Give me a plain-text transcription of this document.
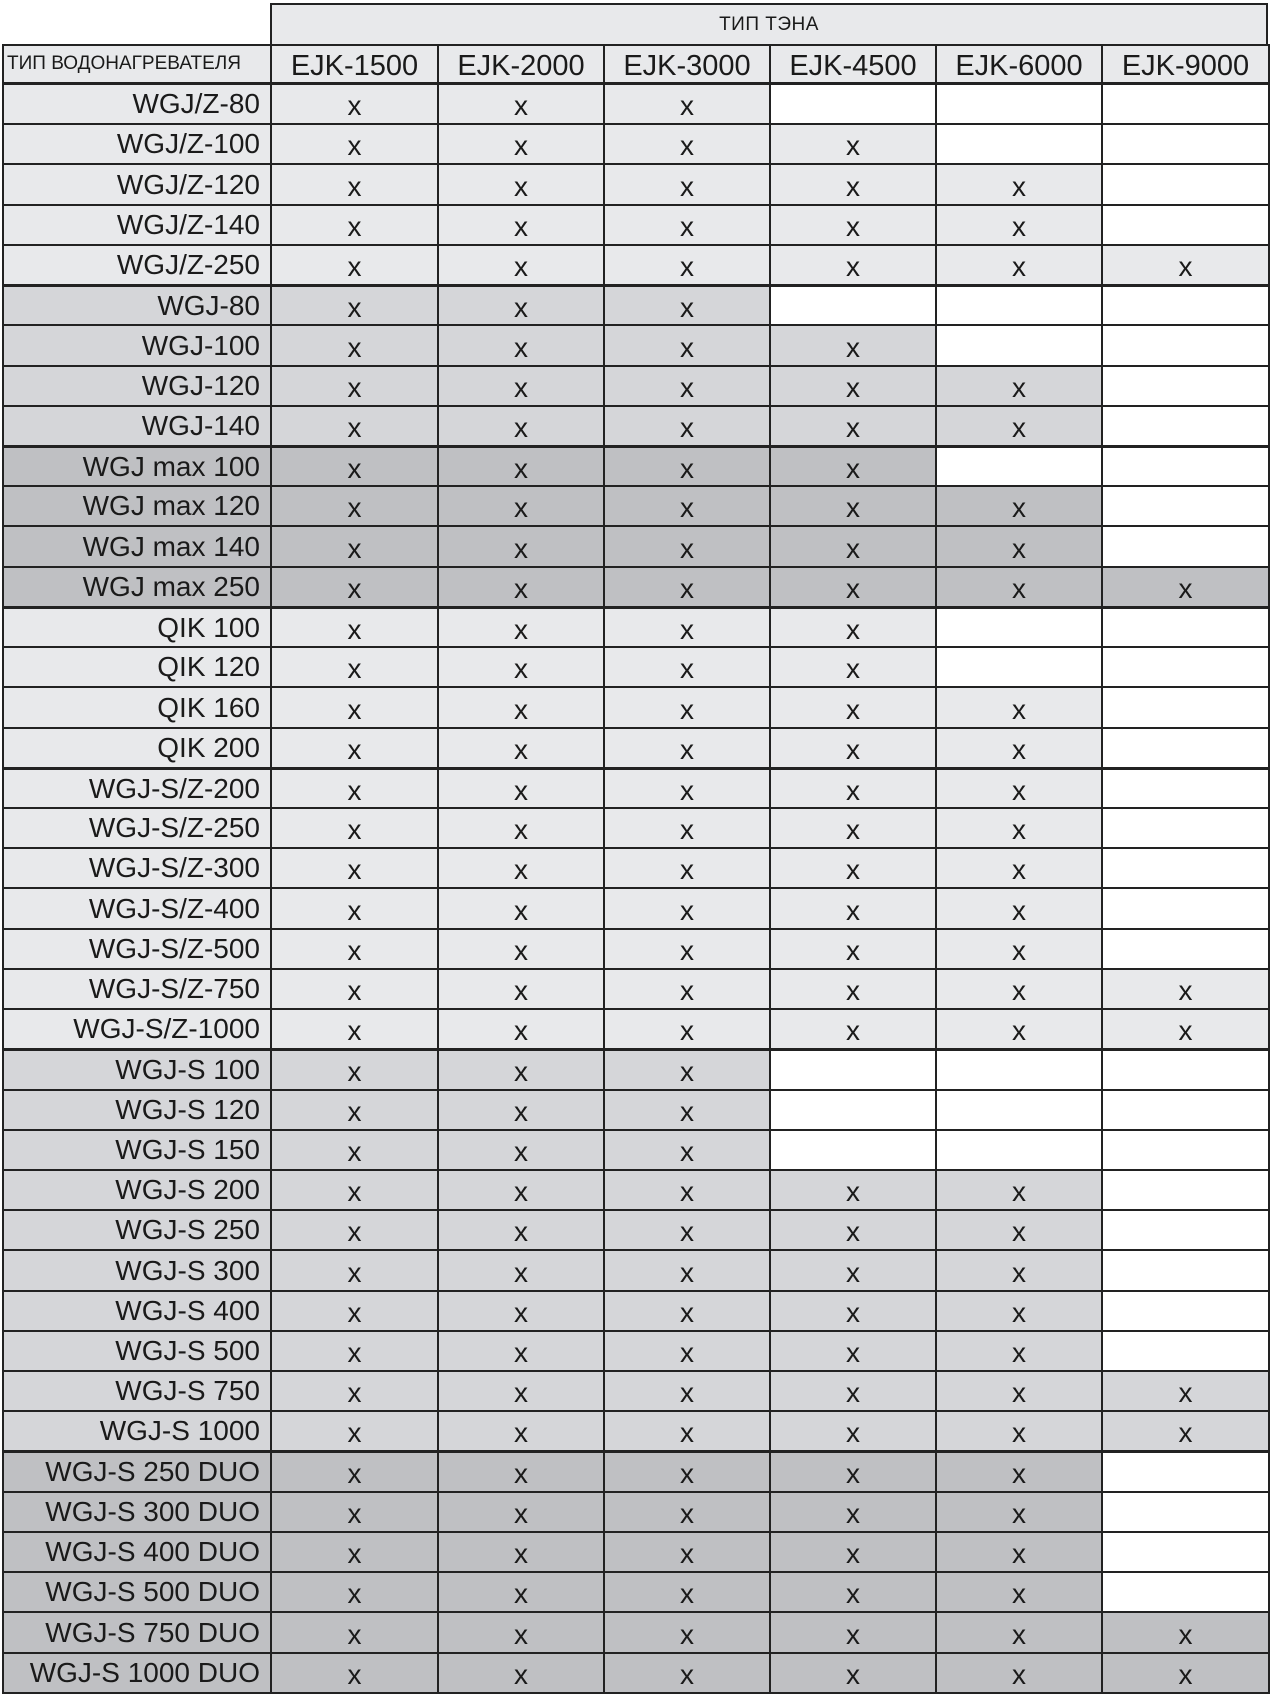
ТИП ТЭНА
ТИП ВОДОНАГРЕВАТЕЛЯ	EJK-1500	EJK-2000	EJK-3000	EJK-4500	EJK-6000	EJK-9000
WGJ/Z-80	x	x	x
WGJ/Z-100	x	x	x	x
WGJ/Z-120	x	x	x	x	x
WGJ/Z-140	x	x	x	x	x
WGJ/Z-250	x	x	x	x	x	x
WGJ-80	x	x	x
WGJ-100	x	x	x	x
WGJ-120	x	x	x	x	x
WGJ-140	x	x	x	x	x
WGJ max 100	x	x	x	x
WGJ max 120	x	x	x	x	x
WGJ max 140	x	x	x	x	x
WGJ max 250	x	x	x	x	x	x
QIK 100	x	x	x	x
QIK 120	x	x	x	x
QIK 160	x	x	x	x	x
QIK 200	x	x	x	x	x
WGJ-S/Z-200	x	x	x	x	x
WGJ-S/Z-250	x	x	x	x	x
WGJ-S/Z-300	x	x	x	x	x
WGJ-S/Z-400	x	x	x	x	x
WGJ-S/Z-500	x	x	x	x	x
WGJ-S/Z-750	x	x	x	x	x	x
WGJ-S/Z-1000	x	x	x	x	x	x
WGJ-S 100	x	x	x
WGJ-S 120	x	x	x
WGJ-S 150	x	x	x
WGJ-S 200	x	x	x	x	x
WGJ-S 250	x	x	x	x	x
WGJ-S 300	x	x	x	x	x
WGJ-S 400	x	x	x	x	x
WGJ-S 500	x	x	x	x	x
WGJ-S 750	x	x	x	x	x	x
WGJ-S 1000	x	x	x	x	x	x
WGJ-S 250 DUO	x	x	x	x	x
WGJ-S 300 DUO	x	x	x	x	x
WGJ-S 400 DUO	x	x	x	x	x
WGJ-S 500 DUO	x	x	x	x	x
WGJ-S 750 DUO	x	x	x	x	x	x
WGJ-S 1000 DUO	x	x	x	x	x	x
